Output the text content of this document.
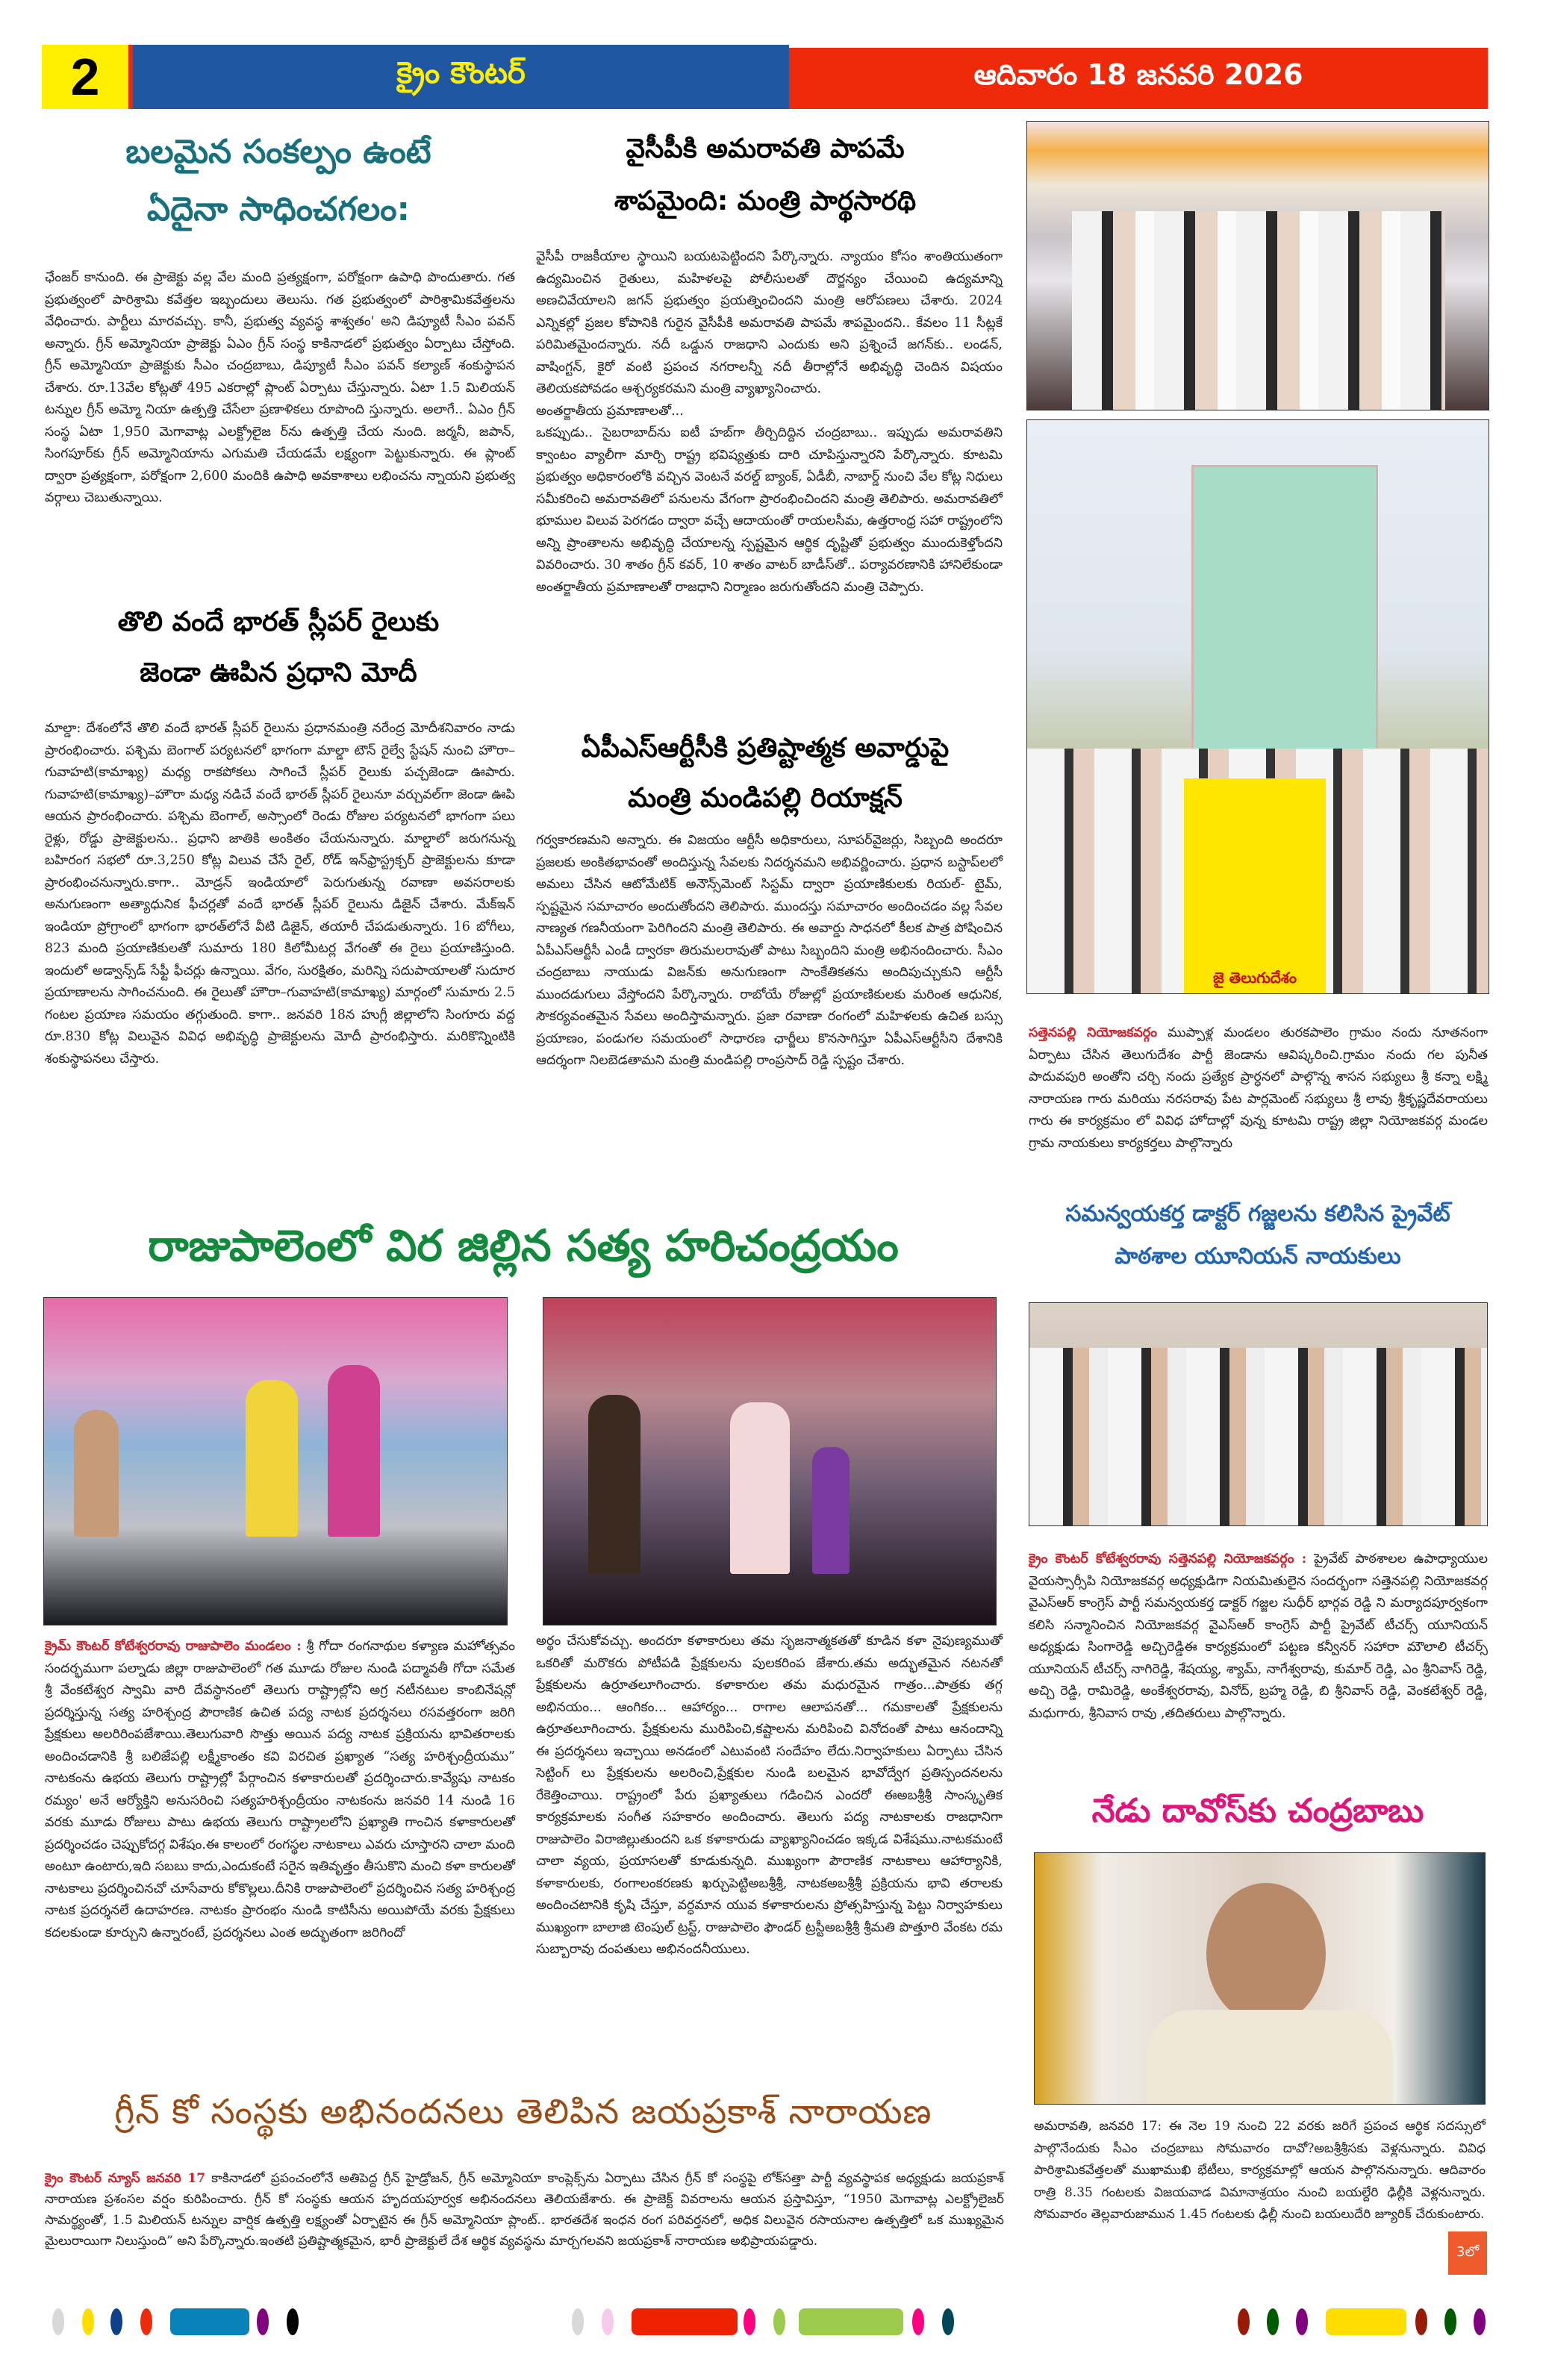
2	క్రైం కౌంటర్	ఆదివారం 18 జనవరి 2026
బలమైన సంకల్పం ఉంటే
ఏదైనా సాధించగలం:
ఛేంజర్ కానుంది. ఈ ప్రాజెక్టు వల్ల వేల మంది ప్రత్యక్షంగా, పరోక్షంగా ఉపాధి పొందుతారు. గత ప్రభుత్వంలో పారిశ్రామి కవేత్తల ఇబ్బందులు తెలుసు. గత ప్రభుత్వంలో పారిశ్రామికవేత్తలను వేధించారు. పార్టీలు మారవచ్చు. కానీ, ప్రభుత్వ వ్యవస్థ శాశ్వతం' అని డిప్యూటీ సీఎం పవన్ అన్నారు. గ్రీన్ అమ్మోనియా ప్రాజెక్టు ఏఎం గ్రీన్ సంస్థ కాకినాడలో ప్రభుత్వం ఏర్పాటు చేస్తోంది. గ్రీన్ అమ్మోనియా ప్రాజెక్టుకు సీఎం చంద్రబాబు, డిప్యూటీ సీఎం పవన్ కల్యాణ్ శంకుస్థాపన చేశారు. రూ.13వేల కోట్లతో 495 ఎకరాల్లో ప్లాంట్ ఏర్పాటు చేస్తున్నారు. ఏటా 1.5 మిలియన్ టన్నుల గ్రీన్ అమ్మో నియా ఉత్పత్తి చేసేలా ప్రణాళికలు రూపొంది స్తున్నారు. అలాగే.. ఏఎం గ్రీన్ సంస్థ ఏటా 1,950 మెగావాట్ల ఎలక్ట్రోలైజ ర్‌ను ఉత్పత్తి చేయ నుంది. జర్మనీ, జపాన్, సింగపూర్‌కు గ్రీన్ అమ్మోనియాను ఎగుమతి చేయడమే లక్ష్యంగా పెట్టుకున్నారు. ఈ ప్లాంట్ ద్వారా ప్రత్యక్షంగా, పరోక్షంగా 2,600 మందికి ఉపాధి అవకాశాలు లభించను న్నాయని ప్రభుత్వ వర్గాలు చెబుతున్నాయి.
తొలి వందే భారత్ స్లీపర్ రైలుకు
జెండా ఊపిన ప్రధాని మోదీ
మాల్డా: దేశంలోనే తొలి వందే భారత్ స్లీపర్ రైలును ప్రధానమంత్రి నరేంద్ర మోదీశనివారం నాడు ప్రారంభించారు. పశ్చిమ బెంగాల్ పర్యటనలో భాగంగా మాల్డా టౌన్ రైల్వే స్టేషన్ నుంచి హౌరా–గువాహటి(కామాఖ్య) మధ్య రాకపోకలు సాగించే స్లీపర్ రైలుకు పచ్చజెండా ఊపారు. గువాహటి(కామాఖ్య)–హౌరా మధ్య నడిచే వందే భారత్ స్లీపర్ రైలునూ వర్చువల్‌గా జెండా ఊపి ఆయన ప్రారంభించారు. పశ్చిమ బెంగాల్, అస్సాంలో రెండు రోజుల పర్యటనలో భాగంగా పలు రైళ్లు, రోడ్డు ప్రాజెక్టులను.. ప్రధాని జాతికి అంకితం చేయనున్నారు. మాల్డాలో జరుగనున్న బహిరంగ సభలో రూ.3,250 కోట్ల విలువ చేసే రైల్, రోడ్ ఇన్‌ఫ్రాస్ట్రక్చర్ ప్రాజెక్టులను కూడా ప్రారంభించనున్నారు.కాగా.. మోడ్రన్ ఇండియాలో పెరుగుతున్న రవాణా అవసరాలకు అనుగుణంగా అత్యాధునిక ఫీచర్లతో వందే భారత్ స్లీపర్ రైలును డిజైన్ చేశారు. మేక్ఇన్ ఇండియా ప్రోగ్రాంలో భాగంగా భారత్‌లోనే వీటి డిజైన్, తయారీ చేపడుతున్నారు. 16 బోగీలు, 823 మంది ప్రయాణికులతో సుమారు 180 కిలోమీటర్ల వేగంతో ఈ రైలు ప్రయాణిస్తుంది. ఇందులో అడ్వాన్స్‌డ్ సేఫ్టీ ఫీచర్లు ఉన్నాయి. వేగం, సురక్షితం, మరిన్ని సదుపాయాలతో సుదూర ప్రయాణాలను సాగించనుంది. ఈ రైలుతో హౌరా–గువాహటి(కామాఖ్య) మార్గంలో సుమారు 2.5 గంటల ప్రయాణ సమయం తగ్గుతుంది. కాగా.. జనవరి 18న హుగ్లీ జిల్లాలోని సింగూరు వద్ద రూ.830 కోట్ల విలువైన వివిధ అభివృద్ధి ప్రాజెక్టులను మోదీ ప్రారంభిస్తారు. మరికొన్నింటికి శంకుస్థాపనలు చేస్తారు.
వైసీపీకి అమరావతి పాపమే
శాపమైంది: మంత్రి పార్థసారథి

వైసీపీ రాజకీయాల స్థాయిని బయటపెట్టిందని పేర్కొన్నారు. న్యాయం కోసం శాంతియుతంగా ఉద్యమించిన రైతులు, మహిళలపై పోలీసులతో దౌర్జన్యం చేయించి ఉద్యమాన్ని అణచివేయాలని జగన్ ప్రభుత్వం ప్రయత్నించిందని మంత్రి ఆరోపణలు చేశారు. 2024 ఎన్నికల్లో ప్రజల కోపానికి గురైన వైసీపీకి అమరావతి పాపమే శాపమైందని.. కేవలం 11 సీట్లకే పరిమితమైందన్నారు. నదీ ఒడ్డున రాజధాని ఎందుకు అని ప్రశ్నించే జగన్‌కు.. లండన్, వాషింగ్టన్, కైరో వంటి ప్రపంచ నగరాలన్నీ నదీ తీరాల్లోనే అభివృద్ధి చెందిన విషయం తెలియకపోవడం ఆశ్చర్యకరమని మంత్రి వ్యాఖ్యానించారు.

అంతర్జాతీయ ప్రమాణాలతో...

ఒకప్పుడు.. సైబరాబాద్‌ను ఐటీ హబ్‌గా తీర్చిదిద్దిన చంద్రబాబు.. ఇప్పుడు అమరావతిని క్వాంటం వ్యాలీగా మార్చి రాష్ట్ర భవిష్యత్తుకు దారి చూపిస్తున్నారని పేర్కొన్నారు. కూటమి ప్రభుత్వం అధికారంలోకి వచ్చిన వెంటనే వరల్డ్ బ్యాంక్, ఏడీబీ, నాబార్డ్ నుంచి వేల కోట్ల నిధులు సమీకరించి అమరావతిలో పనులను వేగంగా ప్రారంభించిందని మంత్రి తెలిపారు. అమరావతిలో భూముల విలువ పెరగడం ద్వారా వచ్చే ఆదాయంతో రాయలసీమ, ఉత్తరాంధ్ర సహా రాష్ట్రంలోని అన్ని ప్రాంతాలను అభివృద్ధి చేయాలన్న స్పష్టమైన ఆర్థిక దృష్టితో ప్రభుత్వం ముందుకెళ్తోందని వివరించారు. 30 శాతం గ్రీన్ కవర్, 10 శాతం వాటర్ బాడీస్‌తో.. పర్యావరణానికి హానిలేకుండా అంతర్జాతీయ ప్రమాణాలతో రాజధాని నిర్మాణం జరుగుతోందని మంత్రి చెప్పారు.

ఏపీఎస్ఆర్టీసీకి ప్రతిష్టాత్మక అవార్డుపై
మంత్రి మండిపల్లి రియాక్షన్
గర్వకారణమని అన్నారు. ఈ విజయం ఆర్టీసీ అధికారులు, సూపర్‌వైజర్లు, సిబ్బంది అందరూ ప్రజలకు అంకితభావంతో అందిస్తున్న సేవలకు నిదర్శనమని అభివర్ణించారు. ప్రధాన బస్టాప్‌లలో అమలు చేసిన ఆటోమేటిక్ అనౌన్స్‌మెంట్ సిస్టమ్ ద్వారా ప్రయాణికులకు రియల్- టైమ్, స్పష్టమైన సమాచారం అందుతోందని తెలిపారు. ముందస్తు సమాచారం అందించడం వల్ల సేవల నాణ్యత గణనీయంగా పెరిగిందని మంత్రి తెలిపారు. ఈ అవార్డు సాధనలో కీలక పాత్ర పోషించిన ఏపీఎస్ఆర్టీసీ ఎండీ ద్వారకా తిరుమలరావుతో పాటు సిబ్బందిని మంత్రి అభినందించారు. సీఎం చంద్రబాబు నాయుడు విజన్‌కు అనుగుణంగా సాంకేతికతను అందిపుచ్చుకుని ఆర్టీసీ ముందడుగులు వేస్తోందని పేర్కొన్నారు. రాబోయే రోజుల్లో ప్రయాణికులకు మరింత ఆధునిక, సౌకర్యవంతమైన సేవలు అందిస్తామన్నారు. ప్రజా రవాణా రంగంలో మహిళలకు ఉచిత బస్సు ప్రయాణం, పండుగల సమయంలో సాధారణ ఛార్జీలు కొనసాగిస్తూ ఏపీఎస్ఆర్టీసీని దేశానికి ఆదర్శంగా నిలబెడతామని మంత్రి మండిపల్లి రాంప్రసాద్ రెడ్డి స్పష్టం చేశారు.
జై తెలుగుదేశం
సత్తెనపల్లి నియోజకవర్గం ముప్పాళ్ల మండలం తురకపాలెం గ్రామం నందు నూతనంగా ఏర్పాటు చేసిన తెలుగుదేశం పార్టీ జెండాను ఆవిష్కరించి.గ్రామం నందు గల పునీత పాదువపురి అంతోని చర్చి నందు ప్రత్యేక ప్రార్ధనలో పాల్గొన్న శాసన సభ్యులు శ్రీ కన్నా లక్ష్మి నారాయణ గారు మరియు నరసరావు పేట పార్లమెంట్ సభ్యులు శ్రీ లావు శ్రీకృష్ణదేవరాయలు గారు ఈ కార్యక్రమం లో వివిధ హోదాల్లో వున్న కూటమి రాష్ట్ర జిల్లా నియోజకవర్గ మండల గ్రామ నాయకులు కార్యకర్తలు పాల్గొన్నారు
సమన్వయకర్త డాక్టర్ గజ్జలను కలిసిన ప్రైవేట్
పాఠశాల యూనియన్ నాయకులు
క్రైం కౌంటర్ కోటేశ్వరరావు సత్తెనపల్లి నియోజకవర్గం : ప్రైవేట్ పాఠశాలల ఉపాధ్యాయుల వైయస్సార్సీపి నియోజకవర్గ అధ్యక్షుడిగా నియమితులైన సందర్భంగా సత్తెనపల్లి నియోజకవర్గ వైఎస్ఆర్ కాంగ్రెస్ పార్టీ సమన్వయకర్త డాక్టర్ గజ్జల సుధీర్ భార్గవ రెడ్డి ని మర్యాదపూర్వకంగా కలిసి సన్మానించిన నియోజకవర్గ వైఎస్ఆర్ కాంగ్రెస్ పార్టీ ప్రైవేట్ టీచర్స్ యూనియన్ అధ్యక్షుడు సింగారెడ్డి అచ్చిరెడ్డిఈ కార్యక్రమంలో పట్టణ కన్వీనర్ సహారా మౌలాలి టీచర్స్ యూనియన్ టీచర్స్ నాగిరెడ్డి, శేషయ్య, శ్యామ్, నాగేశ్వరావు, కుమార్ రెడ్డి, ఎం శ్రీనివాస్ రెడ్డి, అచ్చి రెడ్డి, రామిరెడ్డి, అంకేశ్వరరావు, వినోద్, బ్రహ్మ రెడ్డి, బి శ్రీనివాస్ రెడ్డి, వెంకటేశ్వర్ రెడ్డి, మధుగారు, శ్రీనివాస రావు ,తదితరులు పాల్గొన్నారు.
నేడు దావోస్‌కు చంద్రబాబు
అమరావతి, జనవరి 17: ఈ నెల 19 నుంచి 22 వరకు జరిగే ప్రపంచ ఆర్థిక సదస్సులో పాల్గొనేందుకు సీఎం చంద్రబాబు సోమవారం దావో?అబశ్రీశ్రీసకు వెళ్లనున్నారు. వివిధ పారిశ్రామికవేత్తలతో ముఖాముఖి భేటీలు, కార్యక్రమాల్లో ఆయన పాల్గొననున్నారు. ఆదివారం రాత్రి 8.35 గంటలకు విజయవాడ విమానాశ్రయం నుంచి బయల్దేరి ఢిల్లీకి వెళ్లనున్నారు. సోమవారం తెల్లవారుజామున 1.45 గంటలకు ఢిల్లీ నుంచి బయలుదేరి జ్యూరిక్ చేరుకుంటారు.
3లో
రాజుపాలెంలో విర జిల్లిన సత్య హరిచంద్రయం
క్రైమ్ కౌంటర్ కోటేశ్వరరావు రాజుపాలెం మండలం : శ్రీ గోదా రంగనాథుల కళ్యాణ మహోత్సవం సందర్భముగా పల్నాడు జిల్లా రాజుపాలెంలో గత మూడు రోజుల నుండి పద్మావతీ గోదా సమేత శ్రీ వేంకటేశ్వర స్వామి వారి దేవస్థానంలో తెలుగు రాష్ట్రాల్లోని అగ్ర నటీనటుల కాంబినేషన్లో ప్రదర్శిస్తున్న సత్య హరిశ్చంద్ర పౌరాణిక ఉచిత పద్య నాటక ప్రదర్శనలు రసవత్తరంగా జరిగి ప్రేక్షకులు అలరిరింపజేశాయి.తెలుగువారి సొత్తు అయిన పద్య నాటక ప్రక్రియను భావితరాలకు అందించడానికి శ్రీ బలిజేపల్లి లక్ష్మీకాంతం కవి విరచిత ప్రఖ్యాత “సత్య హరిశ్చంద్రీయము” నాటకంను ఉభయ తెలుగు రాష్ట్రాల్లో పేర్గాంచిన కళాకారులతో ప్రదర్శించారు.కావ్యేషు నాటకం రమ్యం' అనే ఆర్యోక్తిని అనుసరించి సత్యహరిశ్చంద్రీయం నాటకంను జనవరి 14 నుండి 16 వరకు మూడు రోజులు పాటు ఉభయ తెలుగు రాష్ట్రాలలోని ప్రఖ్యాతి గాంచిన కళాకారులతో ప్రదర్శించడం చెప్పుకోదగ్గ విశేషం.ఈ కాలంలో రంగస్థల నాటకాలు ఎవరు చూస్తారని చాలా మంది అంటూ ఉంటారు,ఇది సబబు కాదు,ఎందుకంటే సరైన ఇతివృత్తం తీసుకొని మంచి కళా కారులతో నాటకాలు ప్రదర్శించినచో చూసేవారు కోకొల్లలు.దీనికి రాజుపాలెంలో ప్రదర్శించిన సత్య హరిశ్చంద్ర నాటక ప్రదర్శనలే ఉదాహరణ. నాటకం ప్రారంభం నుండి కాటిసీను అయిపోయే వరకు ప్రేక్షకులు కదలకుండా కూర్చుని ఉన్నారంటే, ప్రదర్శనలు ఎంత అద్భుతంగా జరిగిందో
అర్థం చేసుకోవచ్చు. అందరూ కళాకారులు తమ సృజనాత్మకతతో కూడిన కళా నైపుణ్యముతో ఒకరితో మరొకరు పోటీపడి ప్రేక్షకులను పులకరింప జేశారు.తమ అద్భుతమైన నటనతో ప్రేక్షకులను ఉర్రూతలూగించారు. కళాకారుల తమ మధురమైన గాత్రం...పాత్రకు తగ్గ అభినయం... ఆంగికం... ఆహార్యం... రాగాల ఆలాపనతో... గమకాలతో ప్రేక్షకులను ఉర్రూతలూగించారు. ప్రేక్షకులను మురిపించి,కష్టాలను మరిపించి వినోదంతో పాటు ఆనందాన్ని ఈ ప్రదర్శనలు ఇచ్చాయి అనడంలో ఎటువంటి సందేహం లేదు.నిర్వాహకులు ఏర్పాటు చేసిన సెట్టింగ్ లు ప్రేక్షకులను అలరించి,ప్రేక్షకుల నుండి బలమైన భావోద్వేగ ప్రతిస్పందనలను రేకెత్తించాయి. రాష్ట్రంలో పేరు ప్రఖ్యాతులు గడించిన ఎందరో ఈఅబశ్రీశ్రీ సాంస్కృతిక కార్యక్రమాలకు సంగీత సహకారం అందించారు. తెలుగు పద్య నాటకాలకు రాజధానిగా రాజుపాలెం విరాజిల్లుతుందని ఒక కళాకారుడు వ్యాఖ్యానించడం ఇక్కడ విశేషము.నాటకమంటే చాలా వ్యయ, ప్రయాసలతో కూడుకున్నది. ముఖ్యంగా పౌరాణిక నాటకాలు ఆహార్యానికి, కళాకారులకు, రంగాలంకరణకు ఖర్చుపెట్టిఅబశ్రీశ్రీ, నాటకఅబశ్రీశ్రీ ప్రక్రియను భావి తరాలకు అందించటానికి కృషి చేస్తూ, వర్ధమాన యువ కళాకారులను ప్రోత్సహిస్తున్న పెట్టు నిర్వాహకులు ముఖ్యంగా బాలాజి టెంపుల్ ట్రస్ట్, రాజుపాలెం ఫౌండర్ ట్రస్టీఅబశ్రీశ్రీ శ్రీమతి పొత్తూరి వేంకట రమ సుబ్బారావు దంపతులు అభినందనీయులు.
గ్రీన్ కో సంస్థకు అభినందనలు తెలిపిన జయప్రకాశ్ నారాయణ
క్రైం కౌంటర్ న్యూస్ జనవరి 17 కాకినాడలో ప్రపంచంలోనే అతిపెద్ద గ్రీన్ హైడ్రోజన్, గ్రీన్ అమ్మోనియా కాంప్లెక్స్‌ను ఏర్పాటు చేసిన గ్రీన్ కో సంస్థపై లోక్‌సత్తా పార్టీ వ్యవస్థాపక అధ్యక్షుడు జయప్రకాశ్ నారాయణ ప్రశంసల వర్షం కురిపించారు. గ్రీన్ కో సంస్థకు ఆయన హృదయపూర్వక అభినందనలు తెలియజేశారు. ఈ ప్రాజెక్ట్ వివరాలను ఆయన ప్రస్తావిస్తూ, “1950 మెగావాట్ల ఎలక్ట్రోలైజర్ సామర్థ్యంతో, 1.5 మిలియన్ టన్నుల వార్షిక ఉత్పత్తి లక్ష్యంతో ఏర్పాటైన ఈ గ్రీన్ అమ్మోనియా ప్లాంట్.. భారతదేశ ఇంధన రంగ పరివర్తనలో, అధిక విలువైన రసాయనాల ఉత్పత్తిలో ఒక ముఖ్యమైన మైలురాయిగా నిలుస్తుంది” అని పేర్కొన్నారు.ఇంతటి ప్రతిష్టాత్మకమైన, భారీ ప్రాజెక్టులే దేశ ఆర్థిక వ్యవస్థను మార్చగలవని జయప్రకాశ్ నారాయణ అభిప్రాయపడ్డారు.
